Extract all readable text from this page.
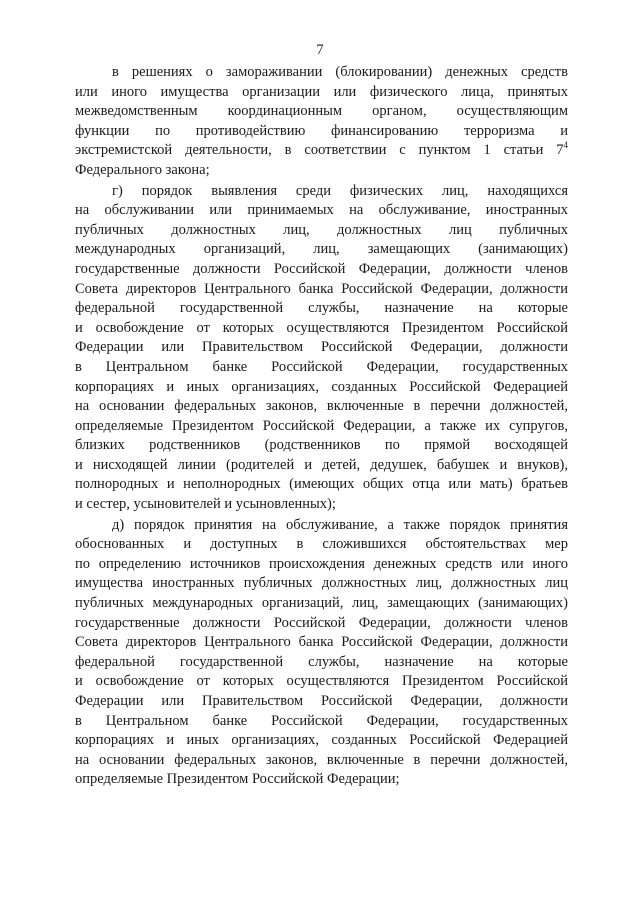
7

в решениях о замораживании (блокировании) денежных средств
или иного имущества организации или физического лица, принятых
межведомственным координационным органом, осуществляющим
функции по противодействию финансированию терроризма и
экстремистской деятельности, в соответствии с пунктом 1 статьи $7^4$
Федерального закона;

г) порядок выявления среди физических лиц, находящихся
на обслуживании или принимаемых на обслуживание, иностранных
публичных должностных лиц, должностных лиц публичных
международных организаций, лиц, замещающих (занимающих)
государственные должности Российской Федерации, должности членов
Совета директоров Центрального банка Российской Федерации, должности
федеральной государственной службы, назначение на которые
и освобождение от которых осуществляются Президентом Российской
Федерации или Правительством Российской Федерации, должности
в Центральном банке Российской Федерации, государственных
корпорациях и иных организациях, созданных Российской Федерацией
на основании федеральных законов, включенные в перечни должностей,
определяемые Президентом Российской Федерации, а также их супругов,
близких родственников (родственников по прямой восходящей
и нисходящей линии (родителей и детей, дедушек, бабушек и внуков),
полнородных и неполнородных (имеющих общих отца или мать) братьев
и сестер, усыновителей и усыновленных);

д) порядок принятия на обслуживание, а также порядок принятия
обоснованных и доступных в сложившихся обстоятельствах мер
по определению источников происхождения денежных средств или иного
имущества иностранных публичных должностных лиц, должностных лиц
публичных международных организаций, лиц, замещающих (занимающих)
государственные должности Российской Федерации, должности членов
Совета директоров Центрального банка Российской Федерации, должности
федеральной государственной службы, назначение на которые
и освобождение от которых осуществляются Президентом Российской
Федерации или Правительством Российской Федерации, должности
в Центральном банке Российской Федерации, государственных
корпорациях и иных организациях, созданных Российской Федерацией
на основании федеральных законов, включенные в перечни должностей,
определяемые Президентом Российской Федерации;
